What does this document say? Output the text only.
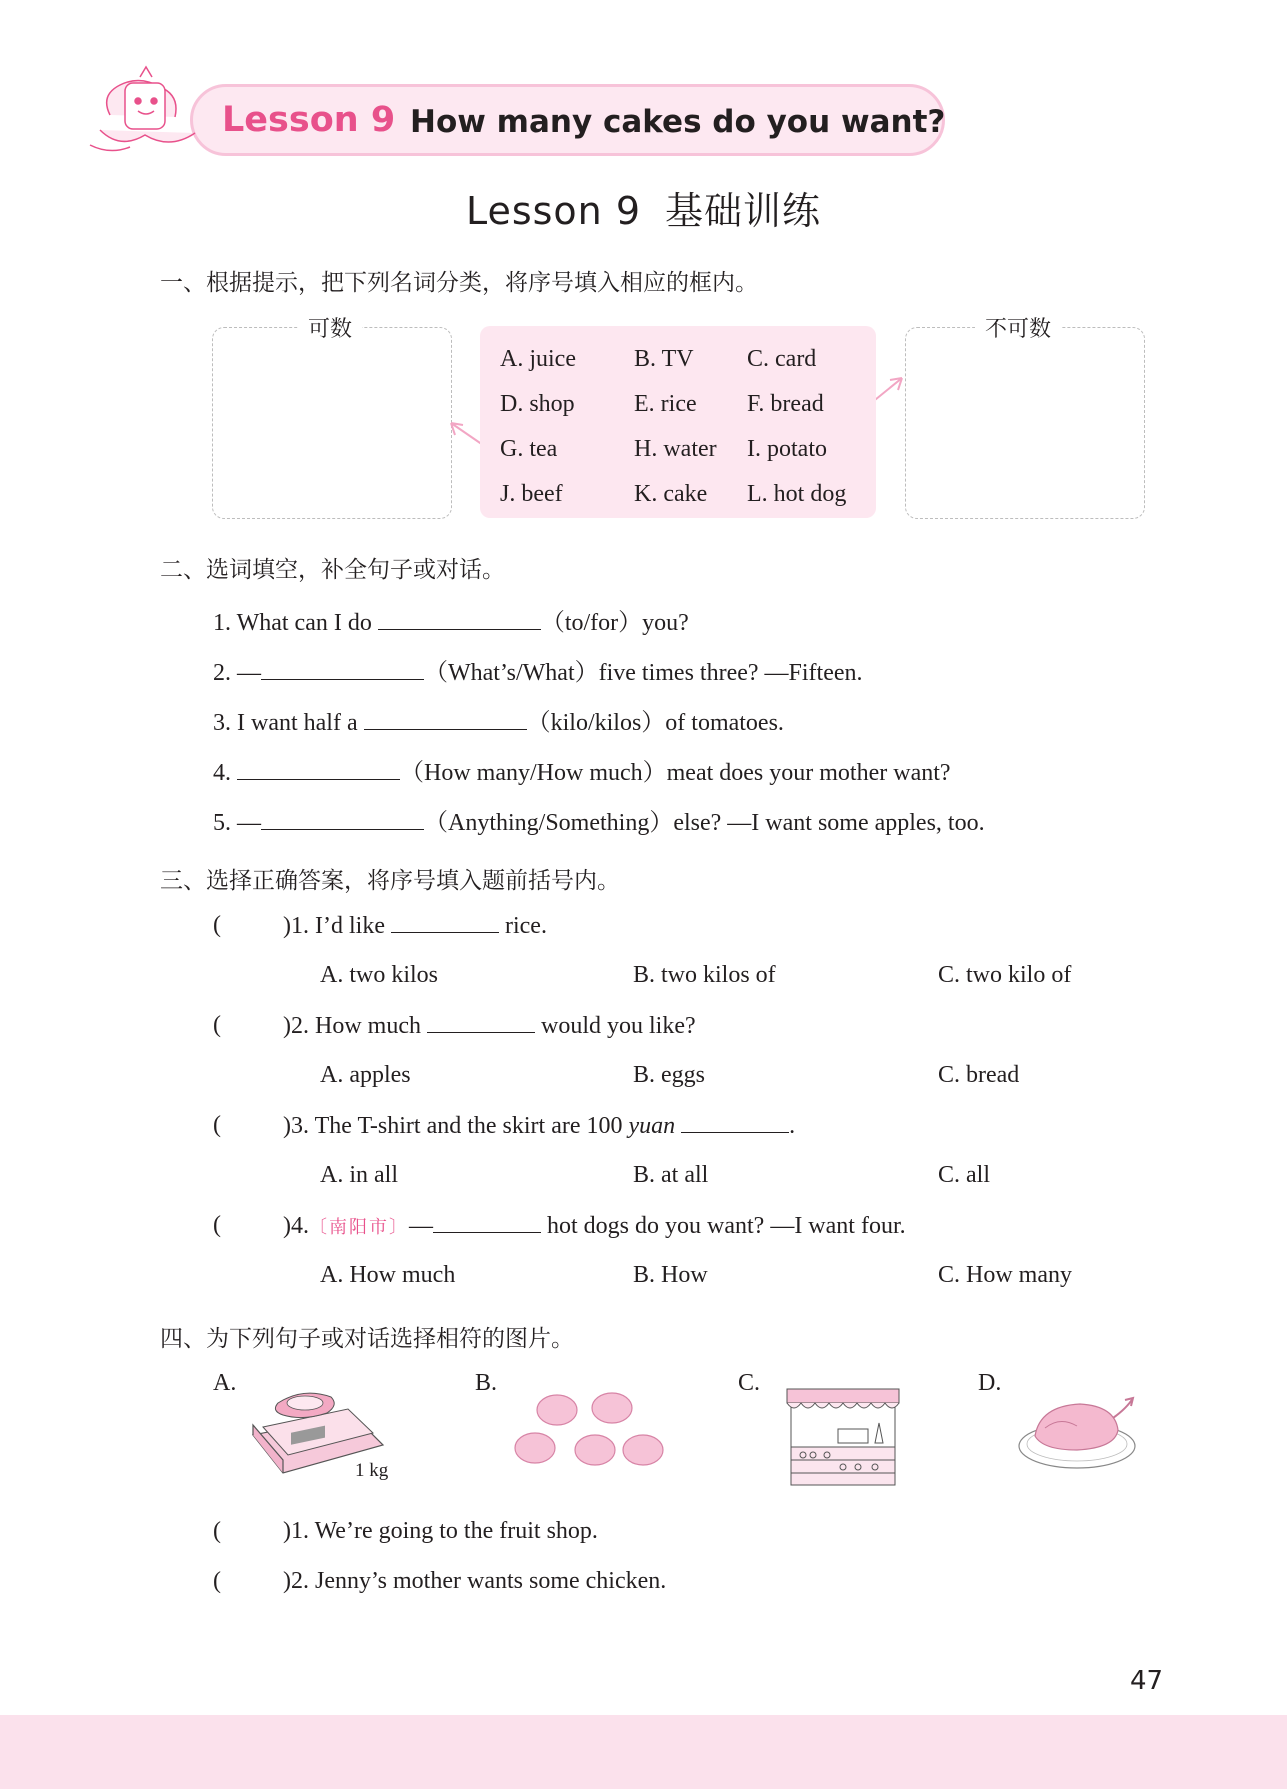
Lesson 9 How many cakes do you want?
Lesson 9 基础训练
一、根据提示，把下列名词分类，将序号填入相应的框内。
可数	不可数
A. juice B. TV C. card
D. shop E. rice F. bread
G. tea	H. water I. potato
J. beef	K. cake L. hot dog
二、选词填空，补全句子或对话。
1. What can I do	（to/for）you?
2. —	（What’s/What）five times three? —Fifteen.
3. I want half a	（kilo/kilos）of tomatoes.
4.	（How many/How much）meat does your mother want?
5. —	（Anything/Something）else? —I want some apples, too.
三、选择正确答案，将序号填入题前括号内。
(	)1. I’d like	rice.
A. two kilos	B. two kilos of	C. two kilo of
(	)2. How much	would you like?
A. apples	B. eggs	C. bread
(	)3. The T-shirt and the skirt are 100 yuan	.
A. in all	B. at all	C. all
(	)4.〔南阳市〕—	hot dogs do you want? —I want four.
A. How much	B. How	C. How many
四、为下列句子或对话选择相符的图片。
A.
1 kg
B.	C.	D.
(	)1. We’re going to the fruit shop.
(	)2. Jenny’s mother wants some chicken.
47
